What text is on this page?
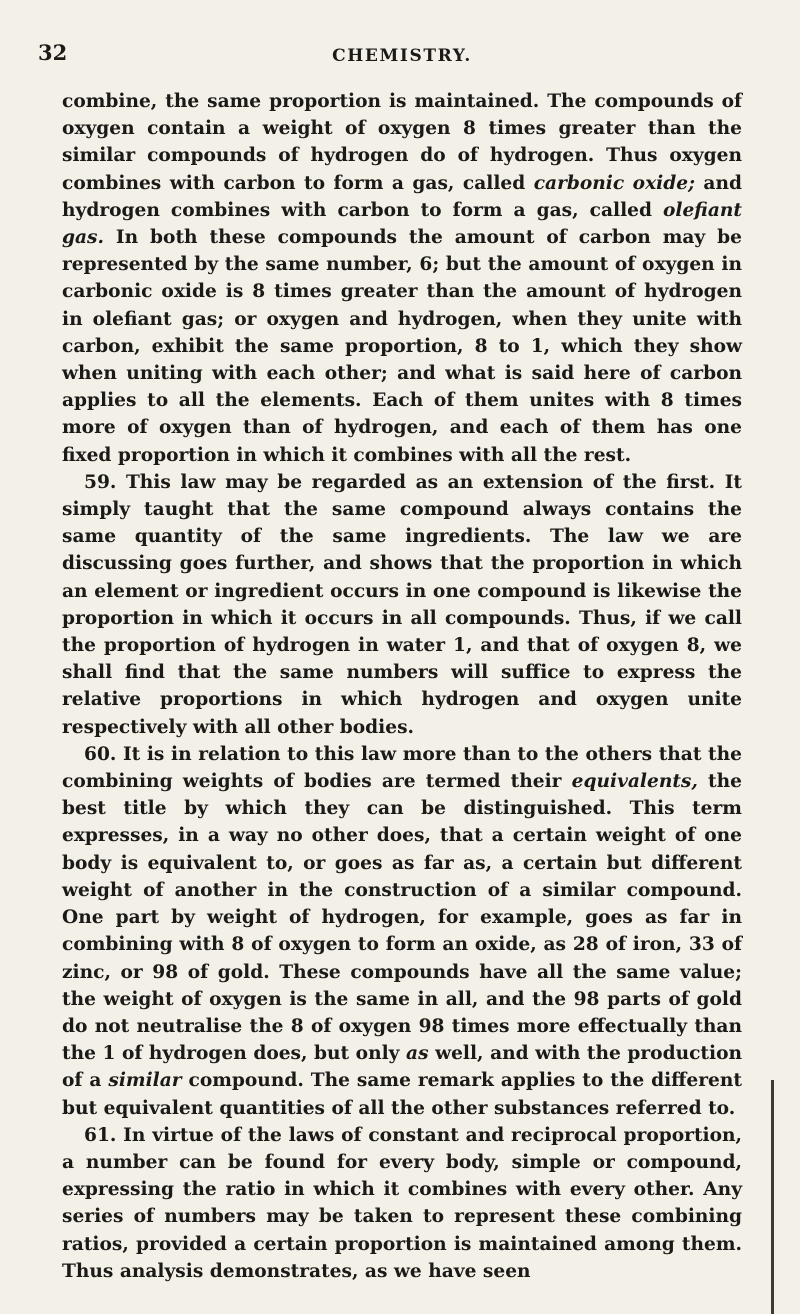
32	CHEMISTRY.

combine, the same proportion is maintained. The compounds of oxygen contain a weight of oxygen 8 times greater than the similar compounds of hydrogen do of hydrogen. Thus oxygen combines with carbon to form a gas, called carbonic oxide; and hydrogen combines with carbon to form a gas, called olefiant gas. In both these compounds the amount of carbon may be represented by the same number, 6; but the amount of oxygen in carbonic oxide is 8 times greater than the amount of hydrogen in olefiant gas; or oxygen and hydrogen, when they unite with carbon, exhibit the same proportion, 8 to 1, which they show when uniting with each other; and what is said here of carbon applies to all the elements. Each of them unites with 8 times more of oxygen than of hydrogen, and each of them has one fixed proportion in which it combines with all the rest.

59. This law may be regarded as an extension of the first. It simply taught that the same compound always contains the same quantity of the same ingredients. The law we are discussing goes further, and shows that the proportion in which an element or ingredient occurs in one compound is likewise the proportion in which it occurs in all compounds. Thus, if we call the proportion of hydrogen in water 1, and that of oxygen 8, we shall find that the same numbers will suffice to express the relative proportions in which hydrogen and oxygen unite respectively with all other bodies.

60. It is in relation to this law more than to the others that the combining weights of bodies are termed their equivalents, the best title by which they can be distinguished. This term expresses, in a way no other does, that a certain weight of one body is equivalent to, or goes as far as, a certain but different weight of another in the construction of a similar compound. One part by weight of hydrogen, for example, goes as far in combining with 8 of oxygen to form an oxide, as 28 of iron, 33 of zinc, or 98 of gold. These compounds have all the same value; the weight of oxygen is the same in all, and the 98 parts of gold do not neutralise the 8 of oxygen 98 times more effectually than the 1 of hydrogen does, but only as well, and with the production of a similar compound. The same remark applies to the different but equivalent quantities of all the other substances referred to.

61. In virtue of the laws of constant and reciprocal proportion, a number can be found for every body, simple or compound, expressing the ratio in which it combines with every other. Any series of numbers may be taken to represent these combining ratios, provided a certain proportion is maintained among them. Thus analysis demonstrates, as we have seen
